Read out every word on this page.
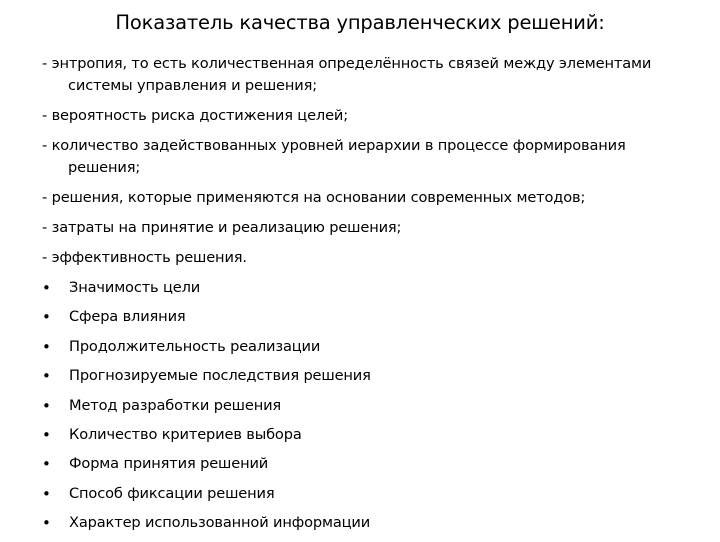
Показатель качества управленческих решений:
- энтропия, то есть количественная определённость связей между элементами системы управления и решения;
- вероятность риска достижения целей;
- количество задействованных уровней иерархии в процессе формирования решения;
- решения, которые применяются на основании современных методов;
- затраты на принятие и реализацию решения;
- эффективность решения.
• Значимость цели
• Сфера влияния
• Продолжительность реализации
• Прогнозируемые последствия решения
• Метод разработки решения
• Количество критериев выбора
• Форма принятия решений
• Способ фиксации решения
• Характер использованной информации
